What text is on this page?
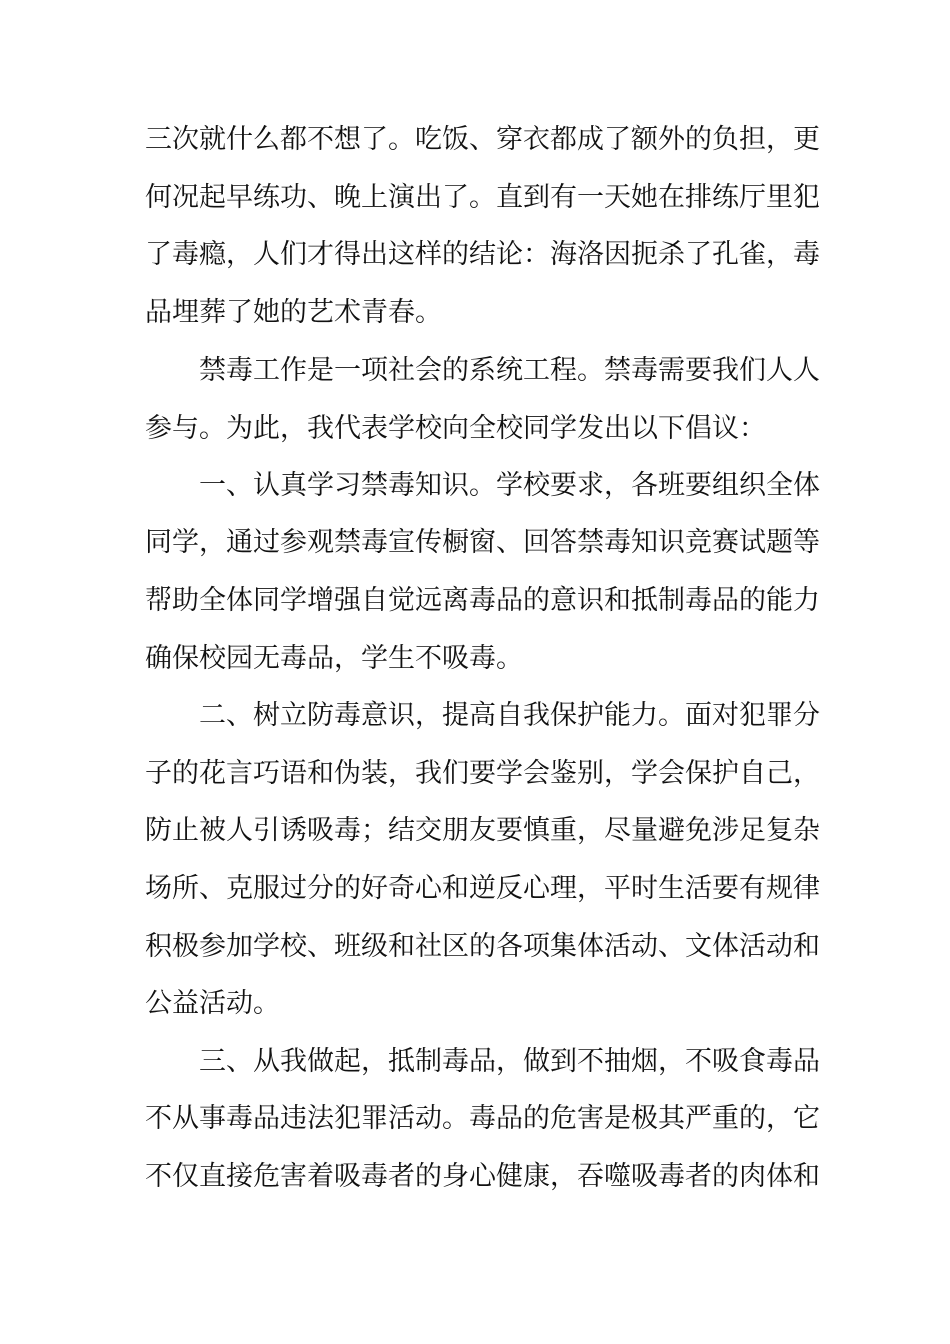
三次就什么都不想了。吃饭、穿衣都成了额外的负担，更
何况起早练功、晚上演出了。直到有一天她在排练厅里犯
了毒瘾，人们才得出这样的结论：海洛因扼杀了孔雀，毒
品埋葬了她的艺术青春。
禁毒工作是一项社会的系统工程。禁毒需要我们人人
参与。为此，我代表学校向全校同学发出以下倡议：
一、认真学习禁毒知识。学校要求，各班要组织全体
同学，通过参观禁毒宣传橱窗、回答禁毒知识竞赛试题等
帮助全体同学增强自觉远离毒品的意识和抵制毒品的能力
确保校园无毒品，学生不吸毒。
二、树立防毒意识，提高自我保护能力。面对犯罪分
子的花言巧语和伪装，我们要学会鉴别，学会保护自己，
防止被人引诱吸毒；结交朋友要慎重，尽量避免涉足复杂
场所、克服过分的好奇心和逆反心理，平时生活要有规律
积极参加学校、班级和社区的各项集体活动、文体活动和
公益活动。
三、从我做起，抵制毒品，做到不抽烟，不吸食毒品
不从事毒品违法犯罪活动。毒品的危害是极其严重的，它
不仅直接危害着吸毒者的身心健康，吞噬吸毒者的肉体和
